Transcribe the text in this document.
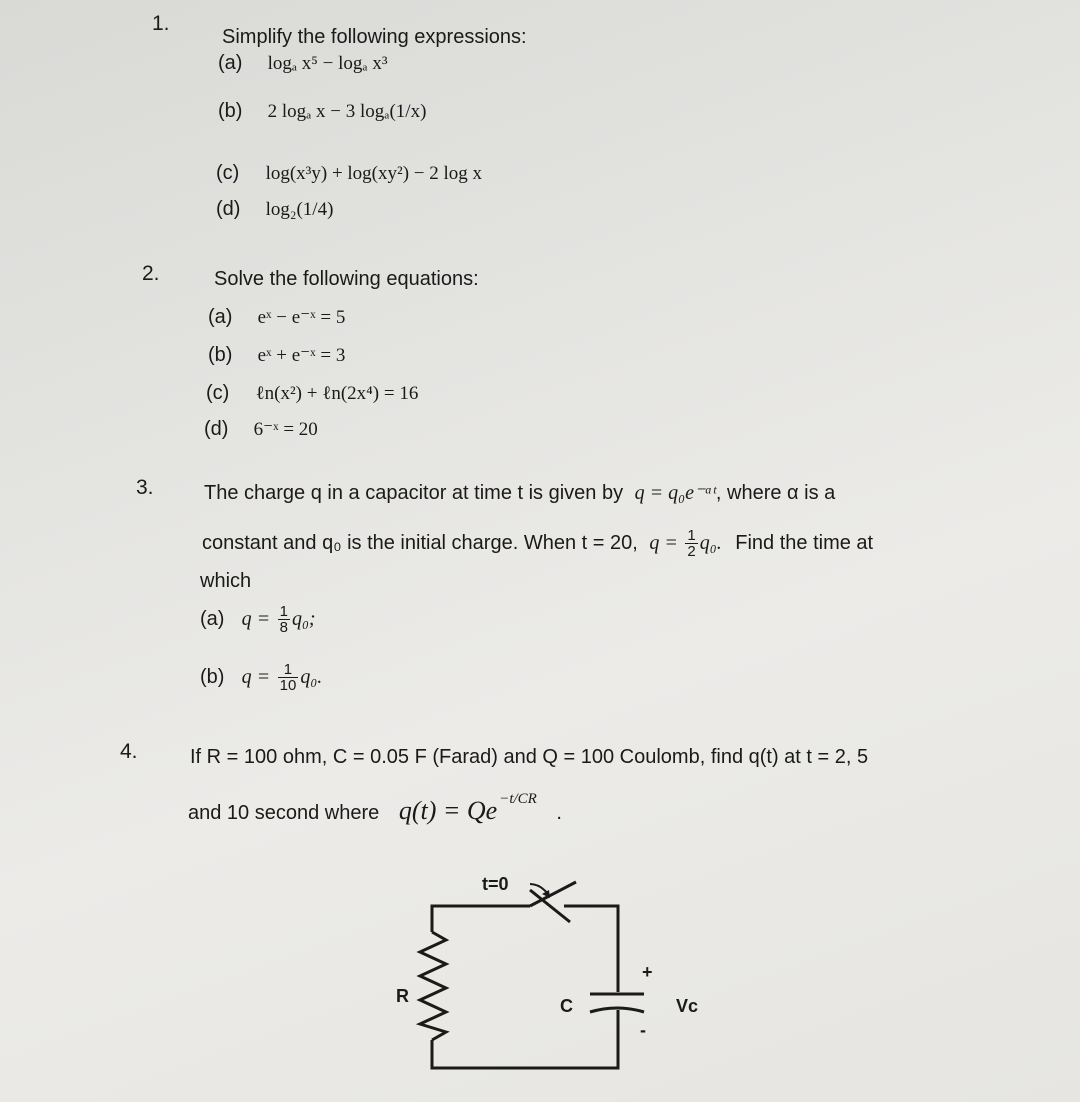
1.
Simplify the following expressions:
(a) logₐ x⁵ − logₐ x³
(b) 2 logₐ x − 3 logₐ(1/x)
(c) log(x³y) + log(xy²) − 2 log x
(d) log₂(1/4)
2.	Solve the following equations:
(a) eˣ − e⁻ˣ = 5
(b) eˣ + e⁻ˣ = 3
(c) ℓn(x²) + ℓn(2x⁴) = 16
(d) 6⁻ˣ = 20
3.	The charge q in a capacitor at time t is given by q = q₀e⁻ᵅᵗ, where α is a
constant and q₀ is the initial charge. When t = 20, $q = \frac{1}{2} q_0$. Find the time at
which
(a) $q = \frac{1}{8} q_0$;
(b) $q = \frac{1}{10} q_0$.
4.	If R = 100 ohm, C = 0.05 F (Farad) and Q = 100 Coulomb, find q(t) at t = 2, 5
and 10 second where q(t) = Qe $^{-t/CR}$ .
t=0
R	C
+
-
Vc
